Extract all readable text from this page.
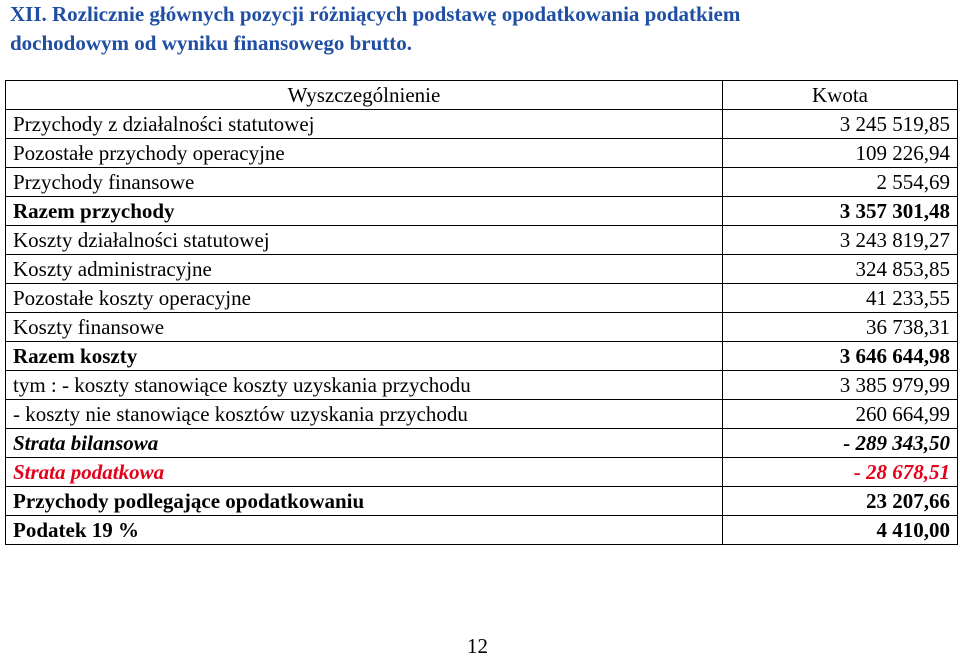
XII. Rozlicznie głównych pozycji różniących podstawę opodatkowania podatkiem
dochodowym od wyniku finansowego brutto.
Wyszczególnienie	Kwota
Przychody z działalności statutowej	3 245 519,85
Pozostałe przychody operacyjne	109 226,94
Przychody finansowe	2 554,69
Razem przychody	3 357 301,48
Koszty działalności statutowej	3 243 819,27
Koszty administracyjne	324 853,85
Pozostałe koszty operacyjne	41 233,55
Koszty finansowe	36 738,31
Razem koszty	3 646 644,98
tym : - koszty stanowiące koszty uzyskania przychodu	3 385 979,99
- koszty nie stanowiące kosztów uzyskania przychodu	260 664,99
Strata bilansowa	- 289 343,50
Strata podatkowa	- 28 678,51
Przychody podlegające opodatkowaniu	23 207,66
Podatek 19 %	4 410,00
12
